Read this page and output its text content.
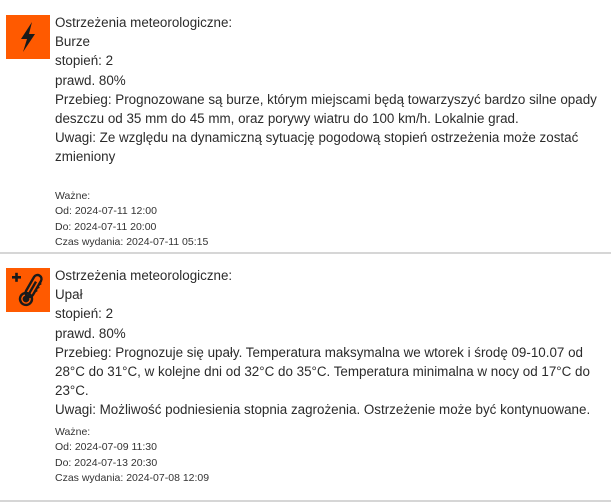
Ostrzeżenia meteorologiczne:
Burze
stopień: 2
prawd. 80%
Przebieg: Prognozowane są burze, którym miejscami będą towarzyszyć bardzo silne opady deszczu od 35 mm do 45 mm, oraz porywy wiatru do 100 km/h. Lokalnie grad.
Uwagi: Ze względu na dynamiczną sytuację pogodową stopień ostrzeżenia może zostać zmieniony
Ważne:
Od: 2024-07-11 12:00
Do: 2024-07-11 20:00
Czas wydania: 2024-07-11 05:15
Ostrzeżenia meteorologiczne:
Upał
stopień: 2
prawd. 80%
Przebieg: Prognozuje się upały. Temperatura maksymalna we wtorek i środę 09-10.07 od 28°C do 31°C, w kolejne dni od 32°C do 35°C. Temperatura minimalna w nocy od 17°C do 23°C.
Uwagi: Możliwość podniesienia stopnia zagrożenia. Ostrzeżenie może być kontynuowane.
Ważne:
Od: 2024-07-09 11:30
Do: 2024-07-13 20:30
Czas wydania: 2024-07-08 12:09
